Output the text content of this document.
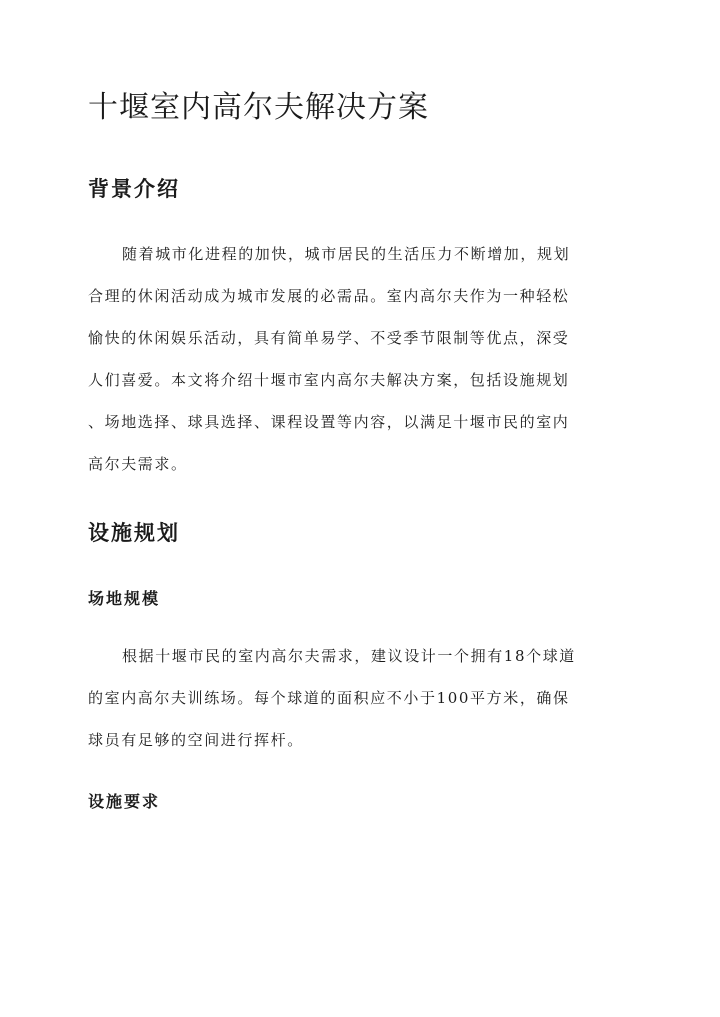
十堰室内高尔夫解决方案
背景介绍

随着城市化进程的加快，城市居民的生活压力不断增加，规划
合理的休闲活动成为城市发展的必需品。室内高尔夫作为一种轻松
愉快的休闲娱乐活动，具有简单易学、不受季节限制等优点，深受
人们喜爱。本文将介绍十堰市室内高尔夫解决方案，包括设施规划
、场地选择、球具选择、课程设置等内容，以满足十堰市民的室内
高尔夫需求。

设施规划
场地规模

根据十堰市民的室内高尔夫需求，建议设计一个拥有18个球道
的室内高尔夫训练场。每个球道的面积应不小于100平方米，确保
球员有足够的空间进行挥杆。

设施要求
